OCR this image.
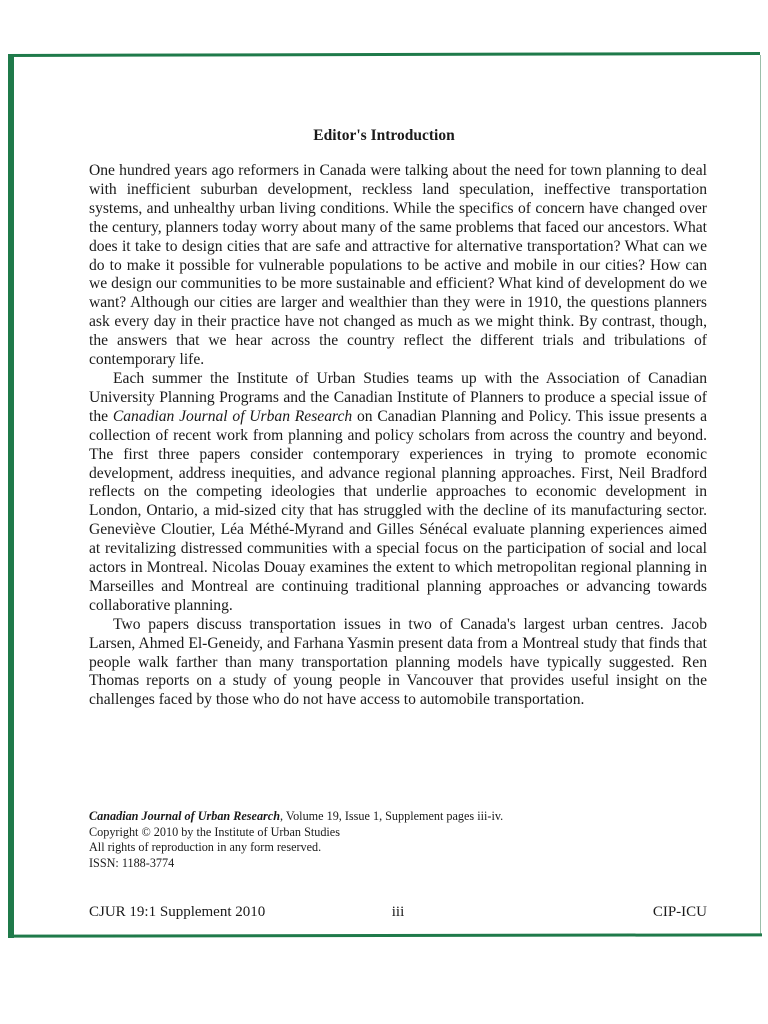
Editor's Introduction

One hundred years ago reformers in Canada were talking about the need for town planning to deal with inefficient suburban development, reckless land speculation, ineffective transportation systems, and unhealthy urban living conditions. While the specifics of concern have changed over the century, planners today worry about many of the same problems that faced our ancestors. What does it take to design cities that are safe and attractive for alternative transportation? What can we do to make it possible for vulnerable populations to be active and mobile in our cities? How can we design our communities to be more sustainable and efficient? What kind of development do we want? Although our cities are larger and wealthier than they were in 1910, the questions planners ask every day in their practice have not changed as much as we might think. By contrast, though, the answers that we hear across the country reflect the different trials and tribulations of contemporary life.

Each summer the Institute of Urban Studies teams up with the Association of Canadian University Planning Programs and the Canadian Institute of Planners to produce a special issue of the Canadian Journal of Urban Research on Canadian Planning and Policy. This issue presents a collection of recent work from planning and policy scholars from across the country and beyond. The first three papers consider contemporary experiences in trying to promote economic development, address inequities, and advance regional planning approaches. First, Neil Bradford reflects on the competing ideologies that underlie approaches to economic development in London, Ontario, a mid-sized city that has struggled with the decline of its manufacturing sector. Geneviève Cloutier, Léa Méthé-Myrand and Gilles Sénécal evaluate planning experiences aimed at revitalizing distressed communities with a special focus on the participation of social and local actors in Montreal. Nicolas Douay examines the extent to which metropolitan regional planning in Marseilles and Montreal are continuing traditional planning approaches or advancing towards collaborative planning.

Two papers discuss transportation issues in two of Canada's largest urban centres. Jacob Larsen, Ahmed El-Geneidy, and Farhana Yasmin present data from a Montreal study that finds that people walk farther than many transportation planning models have typically suggested. Ren Thomas reports on a study of young people in Vancouver that provides useful insight on the challenges faced by those who do not have access to automobile transportation.

Canadian Journal of Urban Research, Volume 19, Issue 1, Supplement pages iii-iv.
Copyright © 2010 by the Institute of Urban Studies
All rights of reproduction in any form reserved.
ISSN: 1188-3774
CJUR 19:1 Supplement 2010	iii	CIP-ICU
